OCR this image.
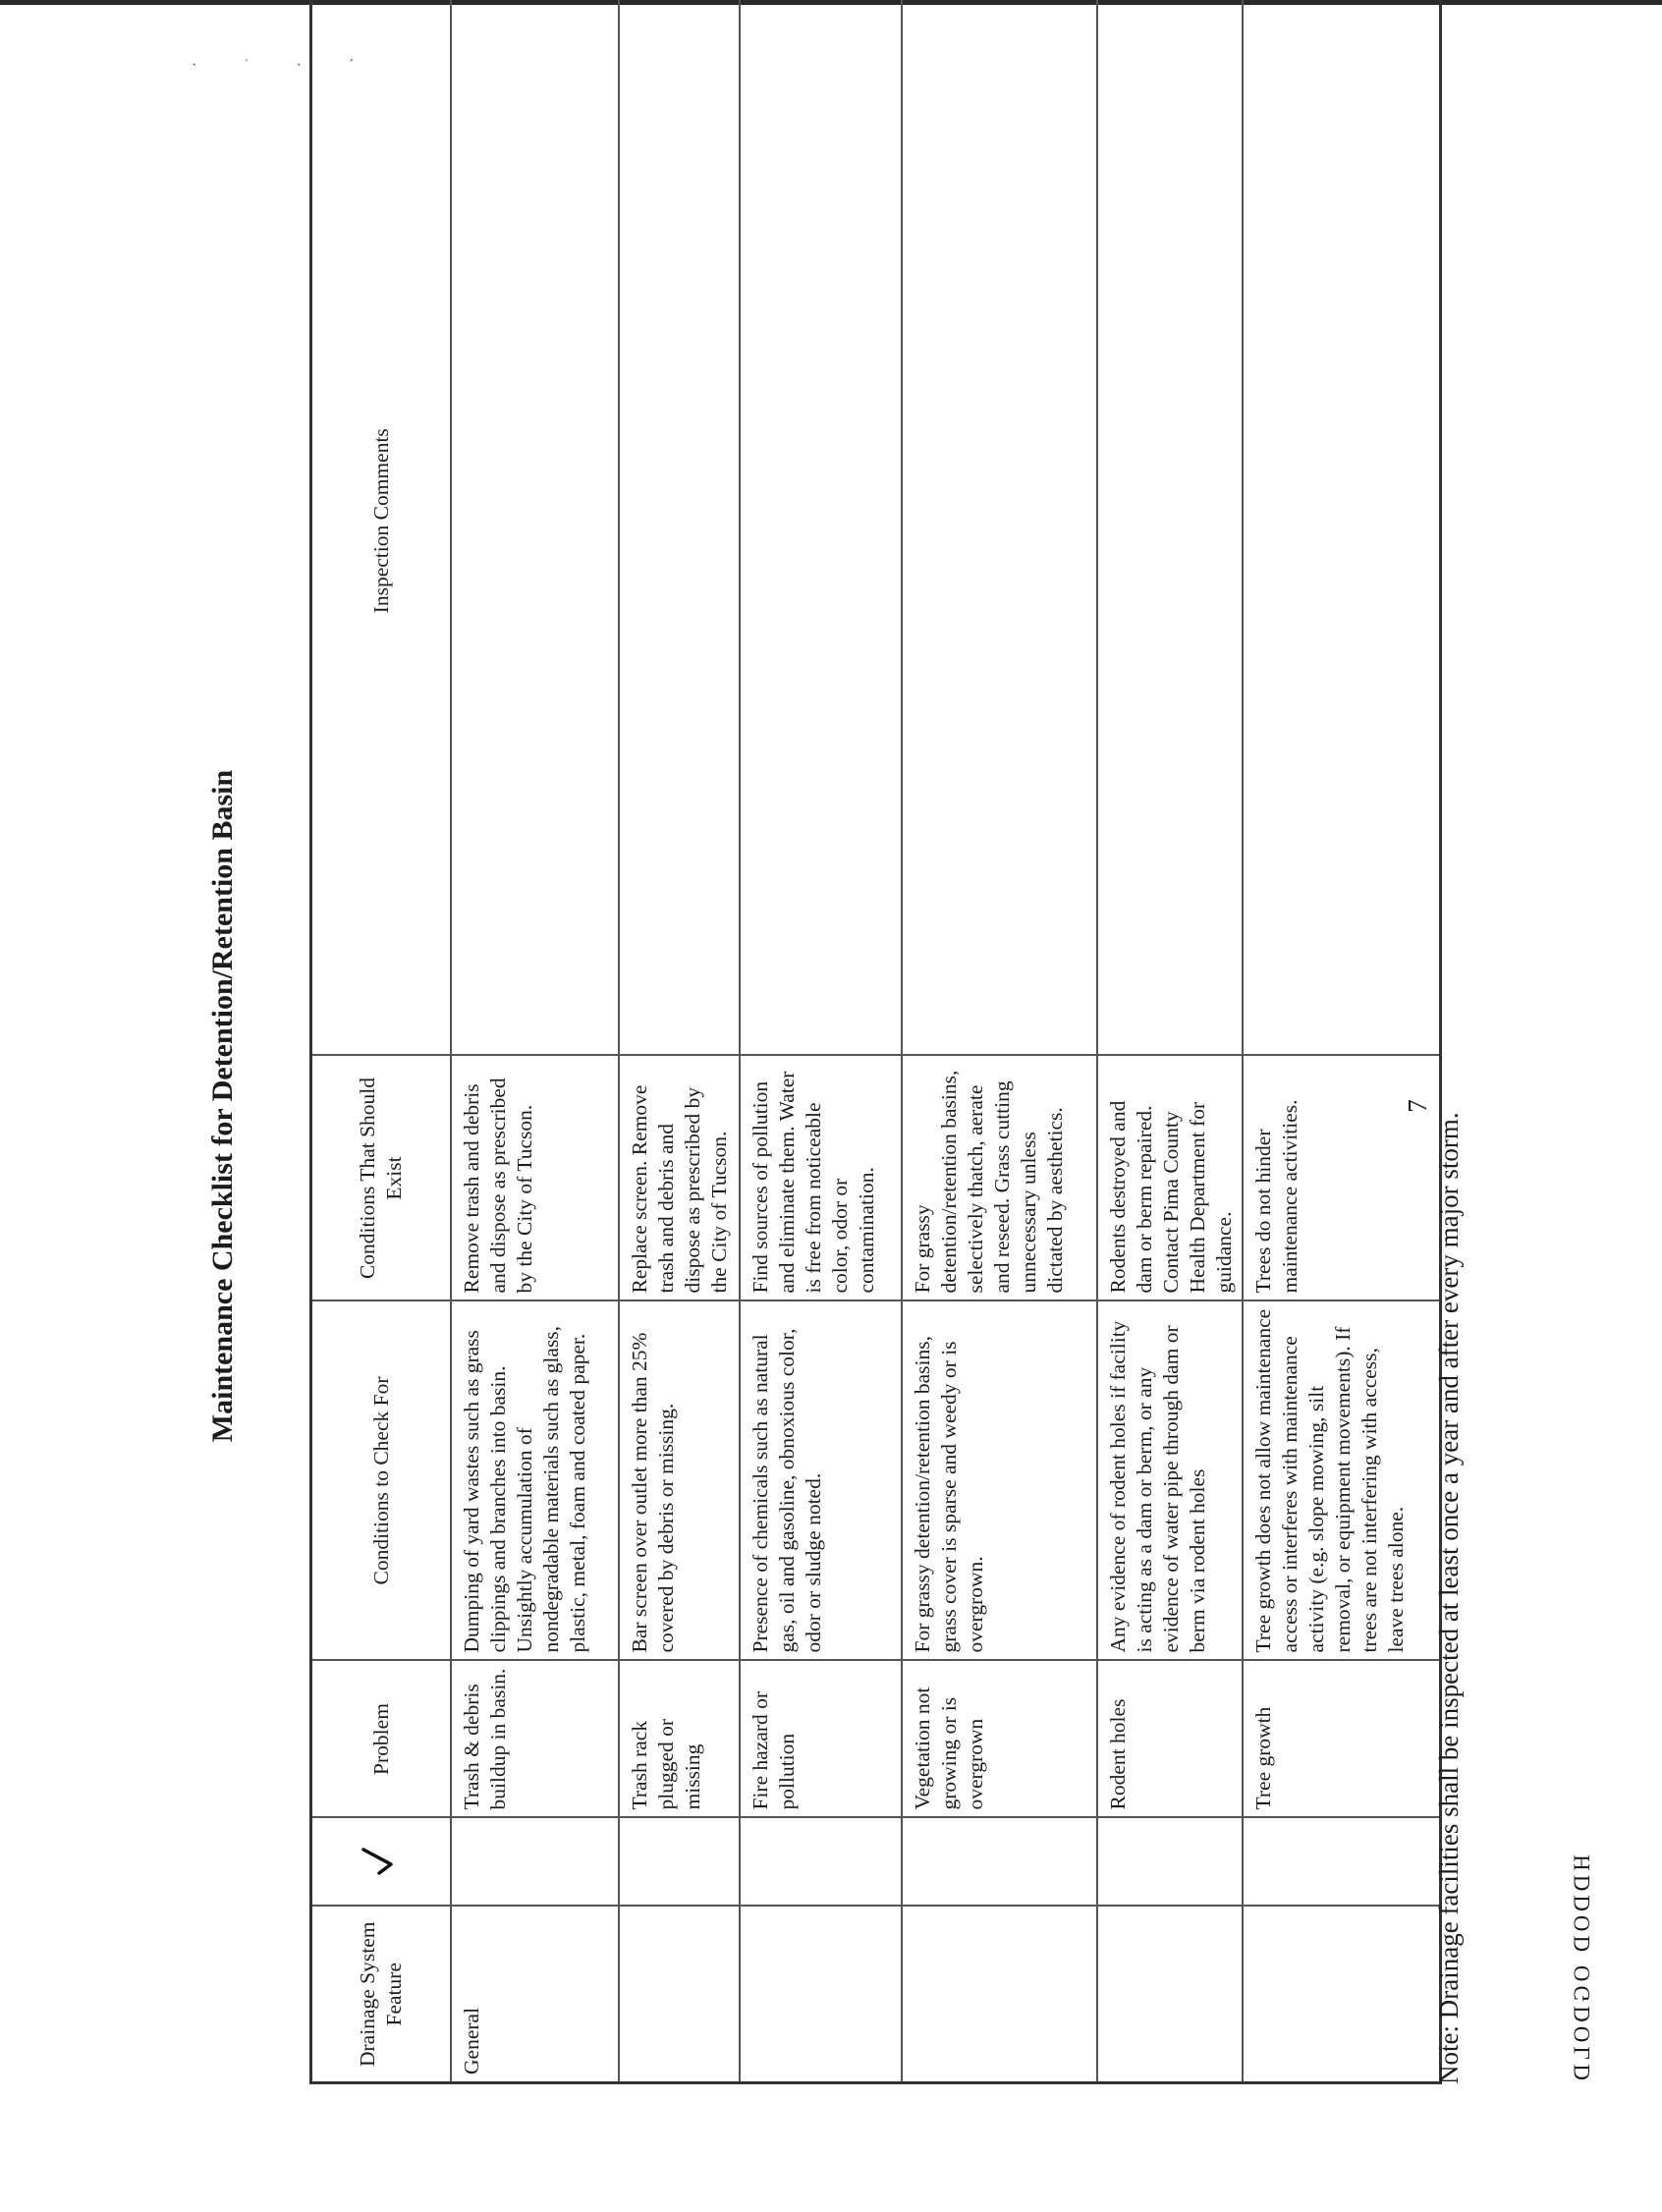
· ˈ · ˊ
Maintenance Checklist for Detention/Retention Basin
Drainage System Feature		Problem	Conditions to Check For	Conditions That Should Exist	Inspection Comments
General		Trash & debris buildup in basin.	Dumping of yard wastes such as grass clippings and branches into basin. Unsightly accumulation of nondegradable materials such as glass, plastic, metal, foam and coated paper.	Remove trash and debris and dispose as prescribed by the City of Tucson.	
		Trash rack plugged or missing	Bar screen over outlet more than 25% covered by debris or missing.	Replace screen. Remove trash and debris and dispose as prescribed by the City of Tucson.	
		Fire hazard or pollution	Presence of chemicals such as natural gas, oil and gasoline, obnoxious color, odor or sludge noted.	Find sources of pollution and eliminate them. Water is free from noticeable color, odor or contamination.	
		Vegetation not growing or is overgrown	For grassy detention/retention basins, grass cover is sparse and weedy or is overgrown.	For grassy detention/retention basins, selectively thatch, aerate and reseed. Grass cutting unnecessary unless dictated by aesthetics.	
		Rodent holes	Any evidence of rodent holes if facility is acting as a dam or berm, or any evidence of water pipe through dam or berm via rodent holes	Rodents destroyed and dam or berm repaired. Contact Pima County Health Department for guidance.	
		Tree growth	Tree growth does not allow maintenance access or interferes with maintenance activity (e.g. slope mowing, silt removal, or equipment movements). If trees are not interfering with access, leave trees alone.	Trees do not hinder maintenance activities.		7
Note: Drainage facilities shall be inspected at least once a year and after every major storm.	HDDOD OGDOLD
